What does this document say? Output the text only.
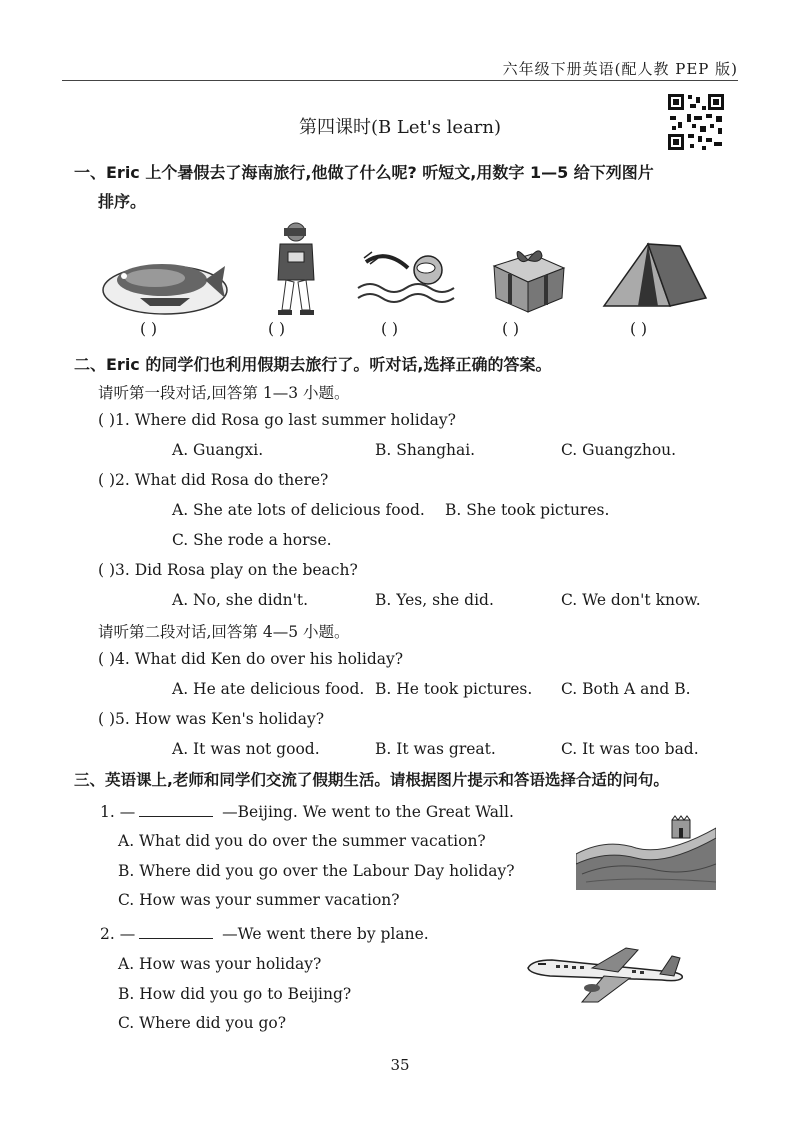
六年级下册英语(配人教 PEP 版)
第四课时(B Let's learn)
一、Eric 上个暑假去了海南旅行,他做了什么呢? 听短文,用数字 1—5 给下列图片
排序。
( )	( )	( )	( )	( )
二、Eric 的同学们也利用假期去旅行了。听对话,选择正确的答案。
请听第一段对话,回答第 1—3 小题。
( )1. Where did Rosa go last summer holiday?
A. Guangxi.	B. Shanghai.	C. Guangzhou.
( )2. What did Rosa do there?
A. She ate lots of delicious food. B. She took pictures.
C. She rode a horse.
( )3. Did Rosa play on the beach?
A. No, she didn't.	B. Yes, she did.	C. We don't know.
请听第二段对话,回答第 4—5 小题。
( )4. What did Ken do over his holiday?
A. He ate delicious food. B. He took pictures. C. Both A and B.
( )5. How was Ken's holiday?
A. It was not good.	B. It was great.	C. It was too bad.
三、英语课上,老师和同学们交流了假期生活。请根据图片提示和答语选择合适的问句。
1. —	—Beijing. We went to the Great Wall.
A. What did you do over the summer vacation?
B. Where did you go over the Labour Day holiday?
C. How was your summer vacation?
2. —	—We went there by plane.
A. How was your holiday?
B. How did you go to Beijing?
C. Where did you go?
35
